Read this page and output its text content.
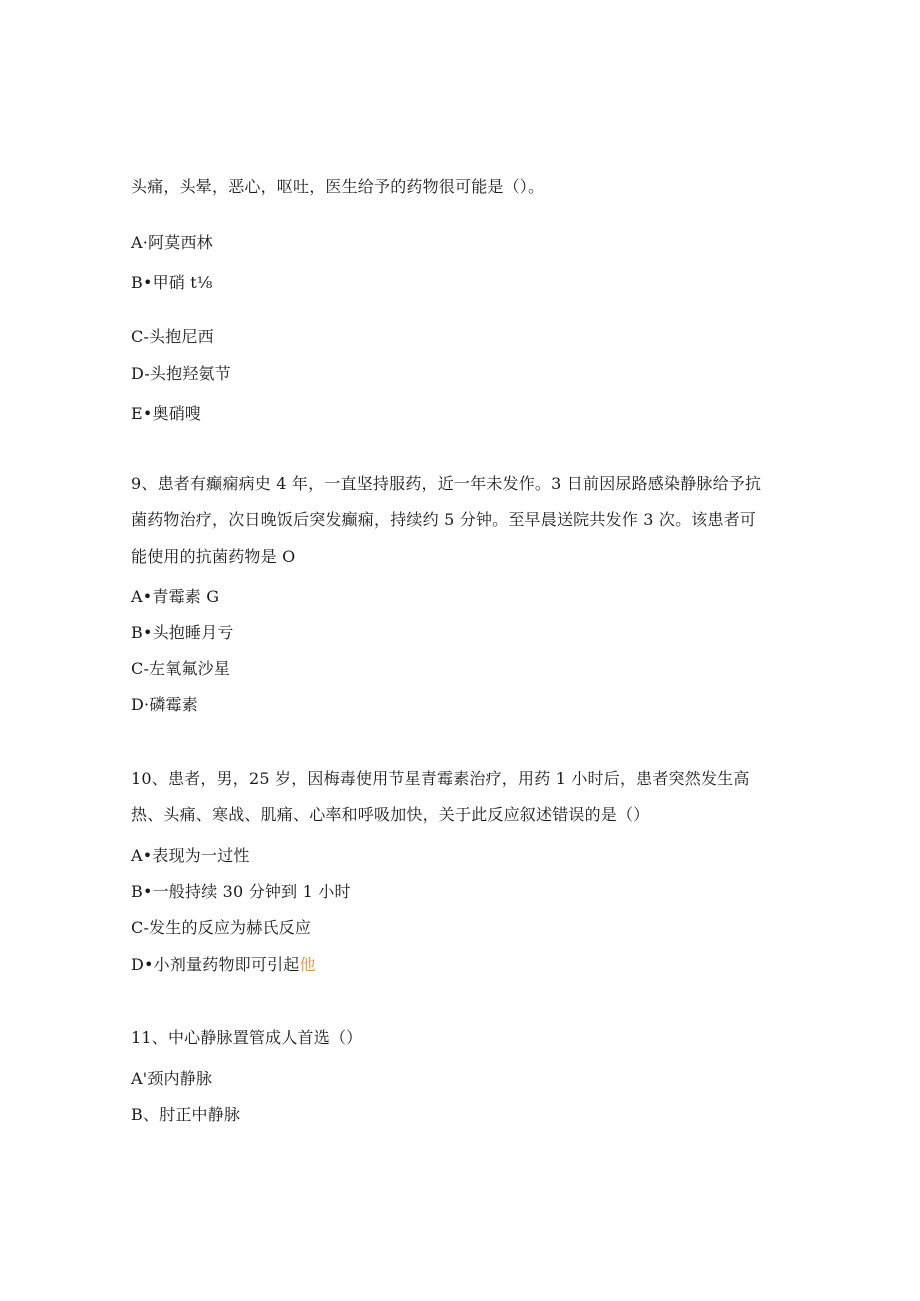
头痛，头晕，恶心，呕吐，医生给予的药物很可能是（）。
A·阿莫西林
B•甲硝 t⅛
C-头抱尼西
D-头抱羟氨节
E•奥硝嗖
9、患者有癫痫病史 4 年，一直坚持服药，近一年未发作。3 日前因尿路感染静脉给予抗
菌药物治疗，次日晚饭后突发癫痫，持续约 5 分钟。至早晨送院共发作 3 次。该患者可
能使用的抗菌药物是 O
A•青霉素 G
B•头抱睡月亏
C-左氧氟沙星
D·磷霉素
10、患者，男，25 岁，因梅毒使用节星青霉素治疗，用药 1 小时后，患者突然发生高
热、头痛、寒战、肌痛、心率和呼吸加快，关于此反应叙述错误的是（）
A•表现为一过性
B•一般持续 30 分钟到 1 小时
C-发生的反应为赫氏反应
D•小剂量药物即可引起他
11、中心静脉置管成人首选（）
A'颈内静脉
B、肘正中静脉
